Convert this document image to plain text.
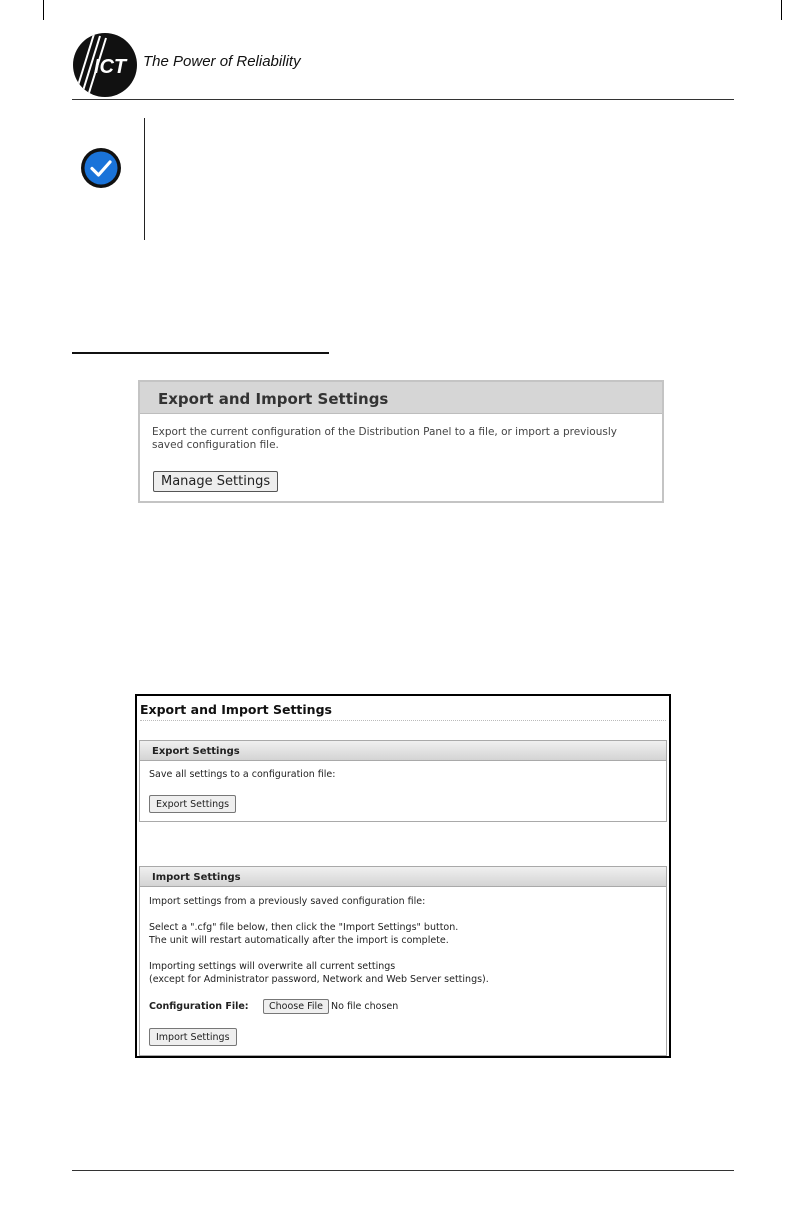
ICT The Power of Reliability
Export and Import Settings
Export the current configuration of the Distribution Panel to a file, or import a previously saved configuration file.
Manage Settings
Export and Import Settings
Export Settings
Save all settings to a configuration file:
Export Settings
Import Settings
Import settings from a previously saved configuration file:
Select a ".cfg" file below, then click the "Import Settings" button.
The unit will restart automatically after the import is complete.
Importing settings will overwrite all current settings
(except for Administrator password, Network and Web Server settings).
Configuration File:	Choose File No file chosen
Import Settings
